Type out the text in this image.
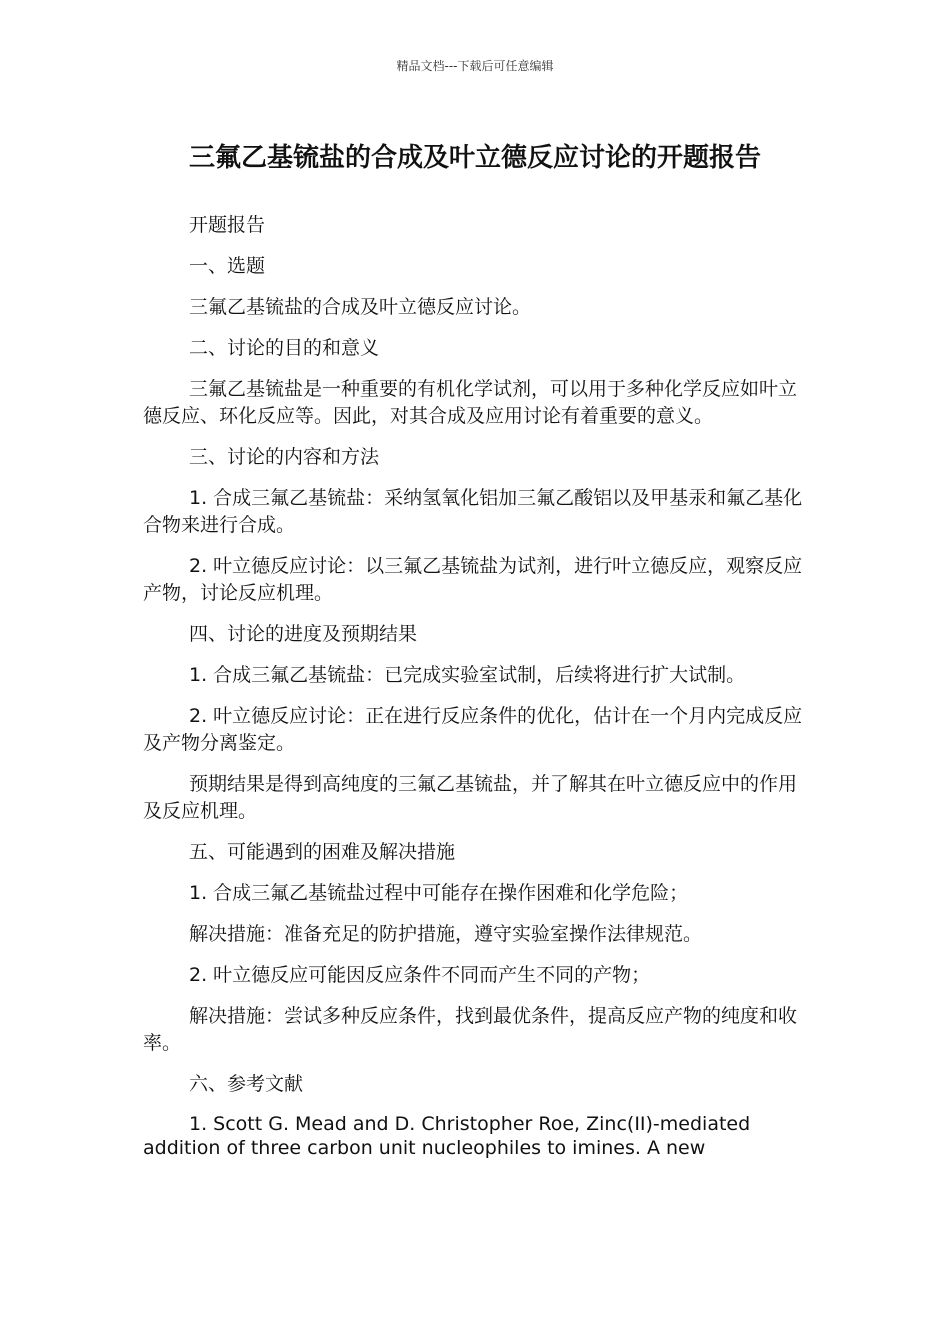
精品文档---下载后可任意编辑
三氟乙基锍盐的合成及叶立德反应讨论的开题报告

开题报告

一、选题

三氟乙基锍盐的合成及叶立德反应讨论。

二、讨论的目的和意义

三氟乙基锍盐是一种重要的有机化学试剂，可以用于多种化学反应如叶立德反应、环化反应等。因此，对其合成及应用讨论有着重要的意义。

三、讨论的内容和方法

1. 合成三氟乙基锍盐：采纳氢氧化铝加三氟乙酸铝以及甲基汞和氟乙基化合物来进行合成。

2. 叶立德反应讨论：以三氟乙基锍盐为试剂，进行叶立德反应，观察反应产物，讨论反应机理。

四、讨论的进度及预期结果

1. 合成三氟乙基锍盐：已完成实验室试制，后续将进行扩大试制。

2. 叶立德反应讨论：正在进行反应条件的优化，估计在一个月内完成反应及产物分离鉴定。

预期结果是得到高纯度的三氟乙基锍盐，并了解其在叶立德反应中的作用及反应机理。

五、可能遇到的困难及解决措施

1. 合成三氟乙基锍盐过程中可能存在操作困难和化学危险；

解决措施：准备充足的防护措施，遵守实验室操作法律规范。

2. 叶立德反应可能因反应条件不同而产生不同的产物；

解决措施：尝试多种反应条件，找到最优条件，提高反应产物的纯度和收率。

六、参考文献

1. Scott G. Mead and D. Christopher Roe, Zinc(II)-mediated addition of three carbon unit nucleophiles to imines. A new
